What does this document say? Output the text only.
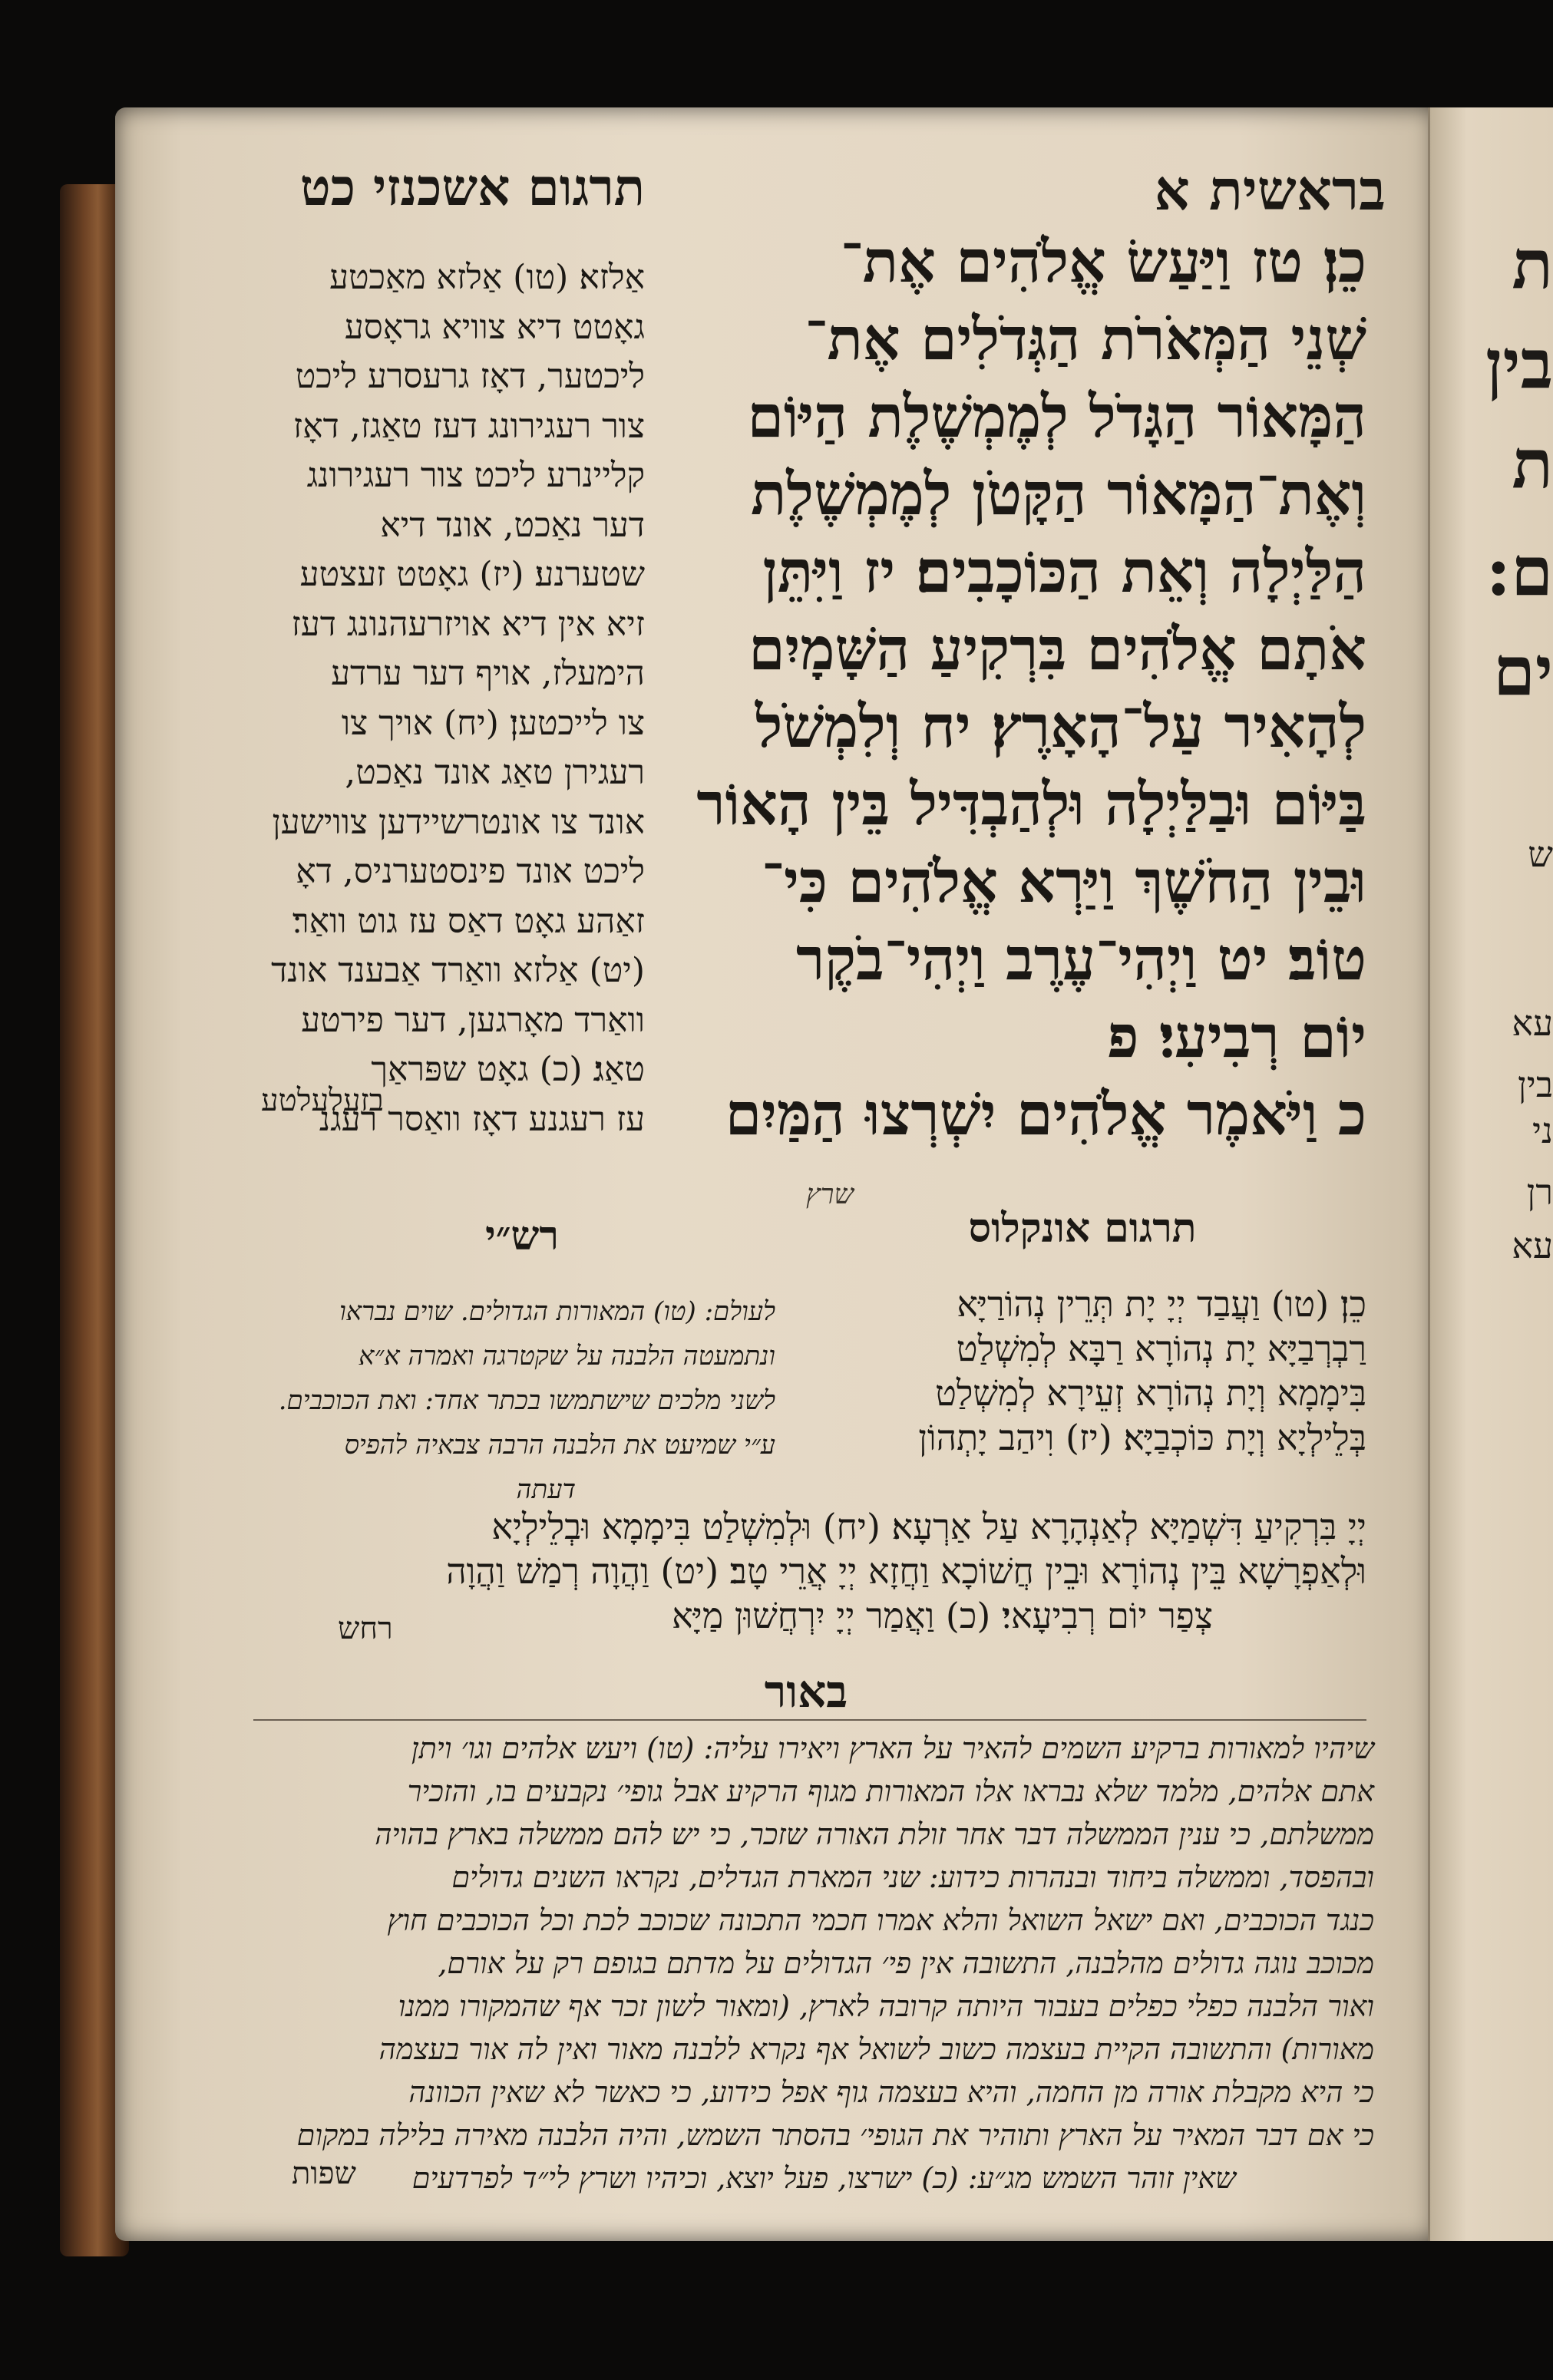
ת
בין
ת
ם:
ים
ש
עא
בין
ני
רן
עא
בראשית א
תרגום אשכנזי כט
כֵן׃ טז וַיַּעַשׂ אֱלֹהִים אֶת־
שְׁנֵי הַמְּאֹרֹת הַגְּדֹלִים אֶת־
הַמָּאוֹר הַגָּדֹל לְמֶמְשֶׁלֶת הַיּוֹם
וְאֶת־הַמָּאוֹר הַקָּטֹן לְמֶמְשֶׁלֶת
הַלַּיְלָה וְאֵת הַכּוֹכָבִים׃ יז וַיִּתֵּן
אֹתָם אֱלֹהִים בִּרְקִיעַ הַשָּׁמָיִם
לְהָאִיר עַל־הָאָרֶץ׃ יח וְלִמְשֹׁל
בַּיּוֹם וּבַלַּיְלָה וּלְהַבְדִּיל בֵּין הָאוֹר
וּבֵין הַחֹשֶׁךְ וַיַּרְא אֱלֹהִים כִּי־
טוֹב׃ יט וַיְהִי־עֶרֶב וַיְהִי־בֹקֶר
יוֹם רְבִיעִי׃ פ
כ וַיֹּאמֶר אֱלֹהִים יִשְׁרְצוּ הַמַּיִם
אַלזא׃ (טו) אַלזא מאַכטע
גאָטט דיא צוויא גראָסע
ליכטער, דאָז גרעסרע ליכט
צור רעגירונג דעז טאַגז, דאָז
קליינרע ליכט צור רעגירונג
דער נאַכט, אונד דיא
שטערנע׃ (יז) גאָטט זעצטע
זיא אין דיא אויזרעהנונג דעז
הימעלז, אויף דער ערדע
צו לייכטען׃ (יח) אויך צו
רעגירן טאַג אונד נאַכט,
אונד צו אונטרשיידען צווישען
ליכט אונד פינסטערניס, דאָ
זאַהע גאָט דאַס עז גוט וואַר׃
(יט) אַלזא וואַרד אַבענד אונד
וואַרד מאָרגען, דער פירטע
טאַג׃ (כ) גאָט שפּראַך
עז רעגנע דאָז וואַסר רעגנ
בזעלעלטע
תרגום אונקלוס
שרץ
רש״י
כֵן׃ (טו) וַעֲבַד יְיָ יָת תְּרֵין נְהוֹרַיָּא
רַבְרְבַיָּא יָת נְהוֹרָא רַבָּא לְמִשְׁלַט
בִּימָמָא וְיָת נְהוֹרָא זְעֵירָא לְמִשְׁלַט
בְּלֵילְיָא וְיָת כּוֹכְבַיָּא׃ (יז) וִיהַב יָתְהוֹן
לעולם: (טו) המאורות הגדולים. שוים נבראו
ונתמעטה הלבנה על שקטרגה ואמרה א״א
לשני מלכים שישתמשו בכתר אחד: ואת הכוכבים.
ע״י שמיעט את הלבנה הרבה צבאיה להפיס
דעתה
יְיָ בִּרְקִיעַ דִּשְׁמַיָּא לְאַנְהָרָא עַל אַרְעָא׃ (יח) וּלְמִשְׁלַט בִּימָמָא וּבְלֵילְיָא
וּלְאַפְרָשָׁא בֵּין נְהוֹרָא וּבֵין חֲשׁוֹכָא וַחֲזָא יְיָ אֲרֵי טָב׃ (יט) וַהֲוָה רְמַשׁ וַהֲוָה
צְפַר יוֹם רְבִיעָאי׃ (כ) וַאֲמַר יְיָ יִרְחֲשׁוּן מַיָּא
רחש
באור
שיהיו למאורות ברקיע השמים להאיר על הארץ ויאירו עליה: (טו) ויעש אלהים וגו׳ ויתן
אתם אלהים, מלמד שלא נבראו אלו המאורות מגוף הרקיע אבל גופי׳ נקבעים בו, והזכיר
ממשלתם, כי ענין הממשלה דבר אחר זולת האורה שזכר, כי יש להם ממשלה בארץ בהויה
ובהפסד, וממשלה ביחוד ובנהרות כידוע: שני המארת הגדלים, נקראו השנים גדולים
כנגד הכוכבים, ואם ישאל השואל והלא אמרו חכמי התכונה שכוכב לכת וכל הכוכבים חוץ
מכוכב נוגה גדולים מהלבנה, התשובה אין פי׳ הגדולים על מדתם בגופם רק על אורם,
ואור הלבנה כפלי כפלים בעבור היותה קרובה לארץ, (ומאור לשון זכר אף שהמקורו ממנו
מאורות) והתשובה הקיית בעצמה כשוב לשואל אף נקרא ללבנה מאור ואין לה אור בעצמה
כי היא מקבלת אורה מן החמה, והיא בעצמה גוף אפל כידוע, כי כאשר לא שאין הכוונה
כי אם דבר המאיר על הארץ ותוהיר את הגופי׳ בהסתר השמש, והיה הלבנה מאירה בלילה במקום
שאין זוהר השמש מג״ע: (כ) ישרצו, פעל יוצא, וכיהיו ושרץ לי״ד לפרדעים
שפות
